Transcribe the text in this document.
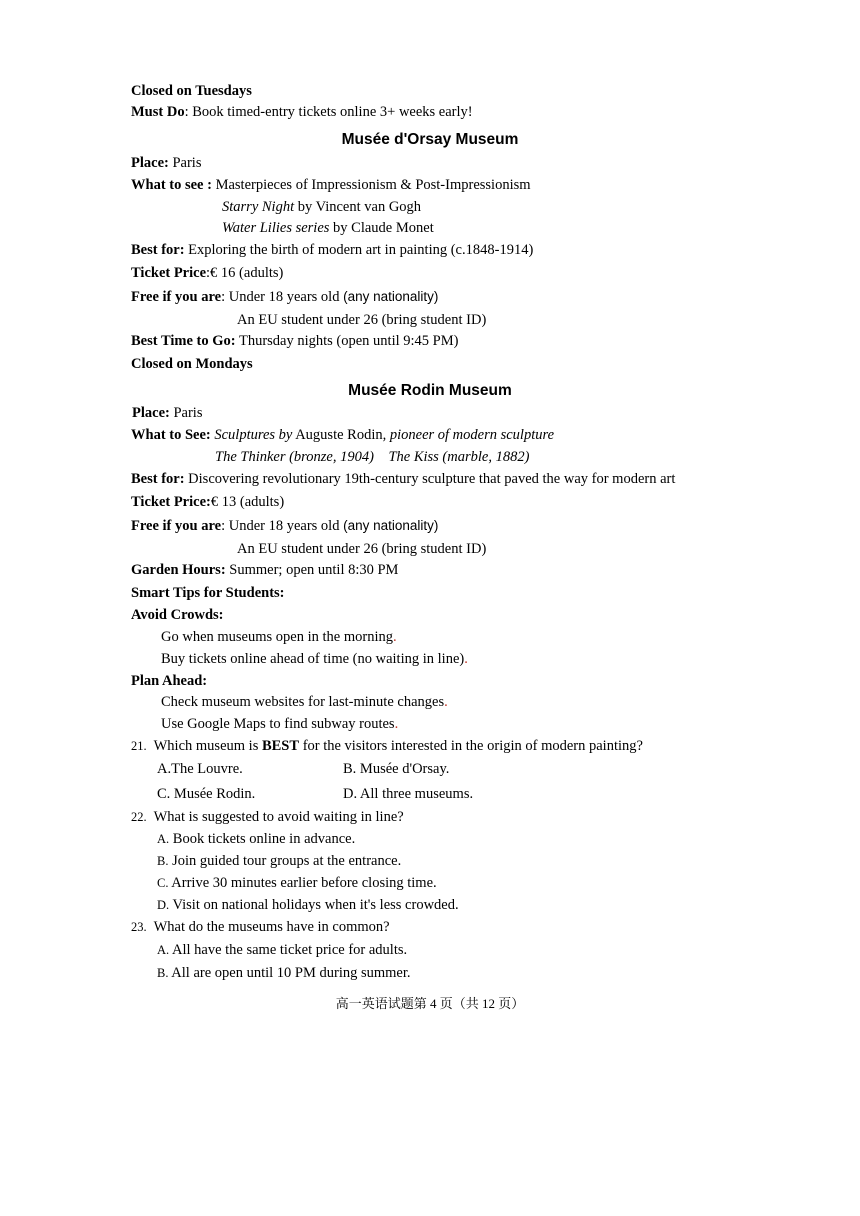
Closed on Tuesdays
Must Do: Book timed-entry tickets online 3+ weeks early!
Musée d'Orsay Museum
Place: Paris
What to see : Masterpieces of Impressionism & Post-Impressionism
Starry Night by Vincent van Gogh
Water Lilies series by Claude Monet
Best for: Exploring the birth of modern art in painting (c.1848-1914)
Ticket Price:€ 16 (adults)
Free if you are: Under 18 years old (any nationality)
An EU student under 26 (bring student ID)
Best Time to Go: Thursday nights (open until 9:45 PM)
Closed on Mondays
Musée Rodin Museum
Place: Paris
What to See: Sculptures by Auguste Rodin, pioneer of modern sculpture
The Thinker (bronze, 1904)    The Kiss (marble, 1882)
Best for: Discovering revolutionary 19th-century sculpture that paved the way for modern art
Ticket Price:€ 13 (adults)
Free if you are: Under 18 years old (any nationality)
An EU student under 26 (bring student ID)
Garden Hours: Summer; open until 8:30 PM
Smart Tips for Students:
Avoid Crowds:
Go when museums open in the morning.
Buy tickets online ahead of time (no waiting in line).
Plan Ahead:
Check museum websites for last-minute changes.
Use Google Maps to find subway routes.
21. Which museum is BEST for the visitors interested in the origin of modern painting?
A.The Louvre.	B. Musée d'Orsay.
C. Musée Rodin.	D. All three museums.
22. What is suggested to avoid waiting in line?
A. Book tickets online in advance.
B. Join guided tour groups at the entrance.
C. Arrive 30 minutes earlier before closing time.
D. Visit on national holidays when it's less crowded.
23. What do the museums have in common?
A. All have the same ticket price for adults.
B. All are open until 10 PM during summer.
高一英语试题第 4 页（共 12 页）
